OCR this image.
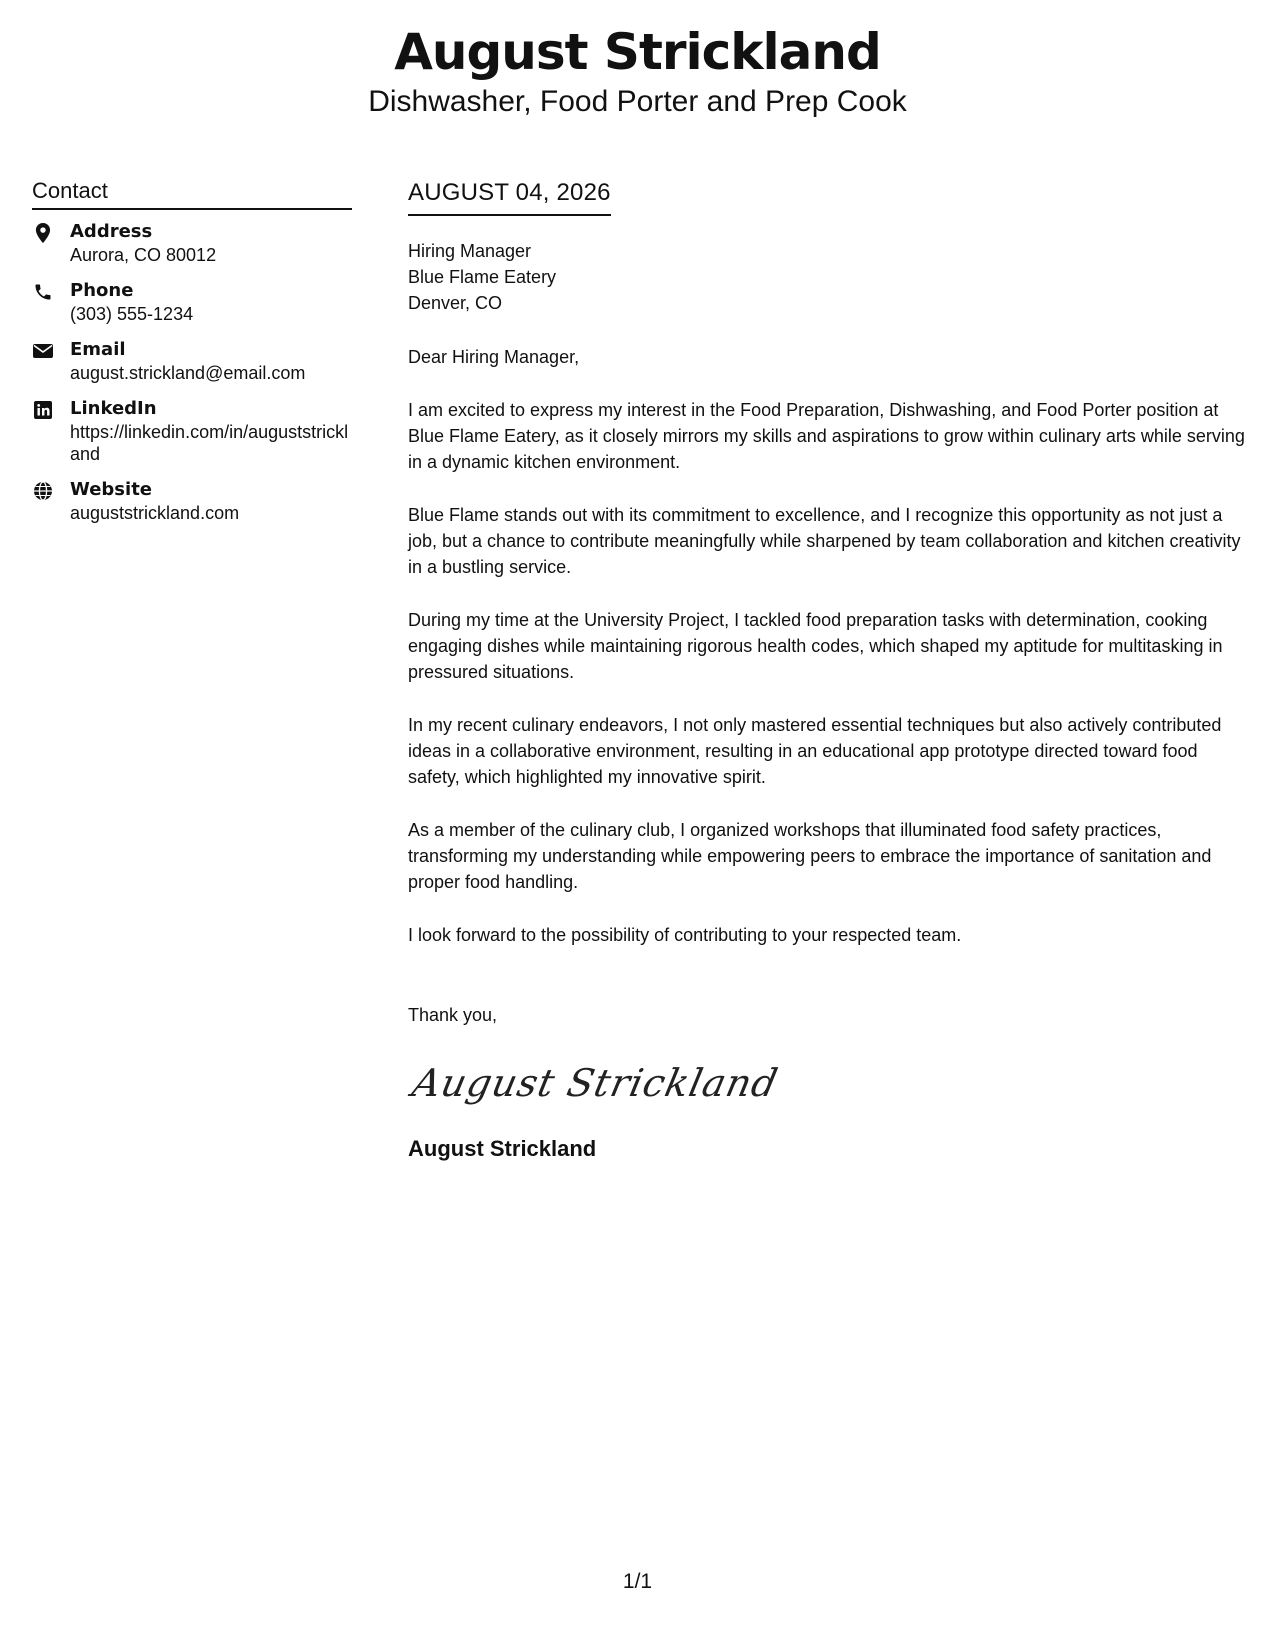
August Strickland
Dishwasher, Food Porter and Prep Cook
Contact
Address
Aurora, CO 80012
Phone
(303) 555-1234
Email
august.strickland@email.com
LinkedIn
https://linkedin.com/in/auguststrickland
Website
auguststrickland.com
AUGUST 04, 2026
Hiring Manager
Blue Flame Eatery
Denver, CO
Dear Hiring Manager,
I am excited to express my interest in the Food Preparation, Dishwashing, and Food Porter position at Blue Flame Eatery, as it closely mirrors my skills and aspirations to grow within culinary arts while serving in a dynamic kitchen environment.
Blue Flame stands out with its commitment to excellence, and I recognize this opportunity as not just a job, but a chance to contribute meaningfully while sharpened by team collaboration and kitchen creativity in a bustling service.
During my time at the University Project, I tackled food preparation tasks with determination, cooking engaging dishes while maintaining rigorous health codes, which shaped my aptitude for multitasking in pressured situations.
In my recent culinary endeavors, I not only mastered essential techniques but also actively contributed ideas in a collaborative environment, resulting in an educational app prototype directed toward food safety, which highlighted my innovative spirit.
As a member of the culinary club, I organized workshops that illuminated food safety practices, transforming my understanding while empowering peers to embrace the importance of sanitation and proper food handling.
I look forward to the possibility of contributing to your respected team.
Thank you,
August Strickland
August Strickland
1/1
